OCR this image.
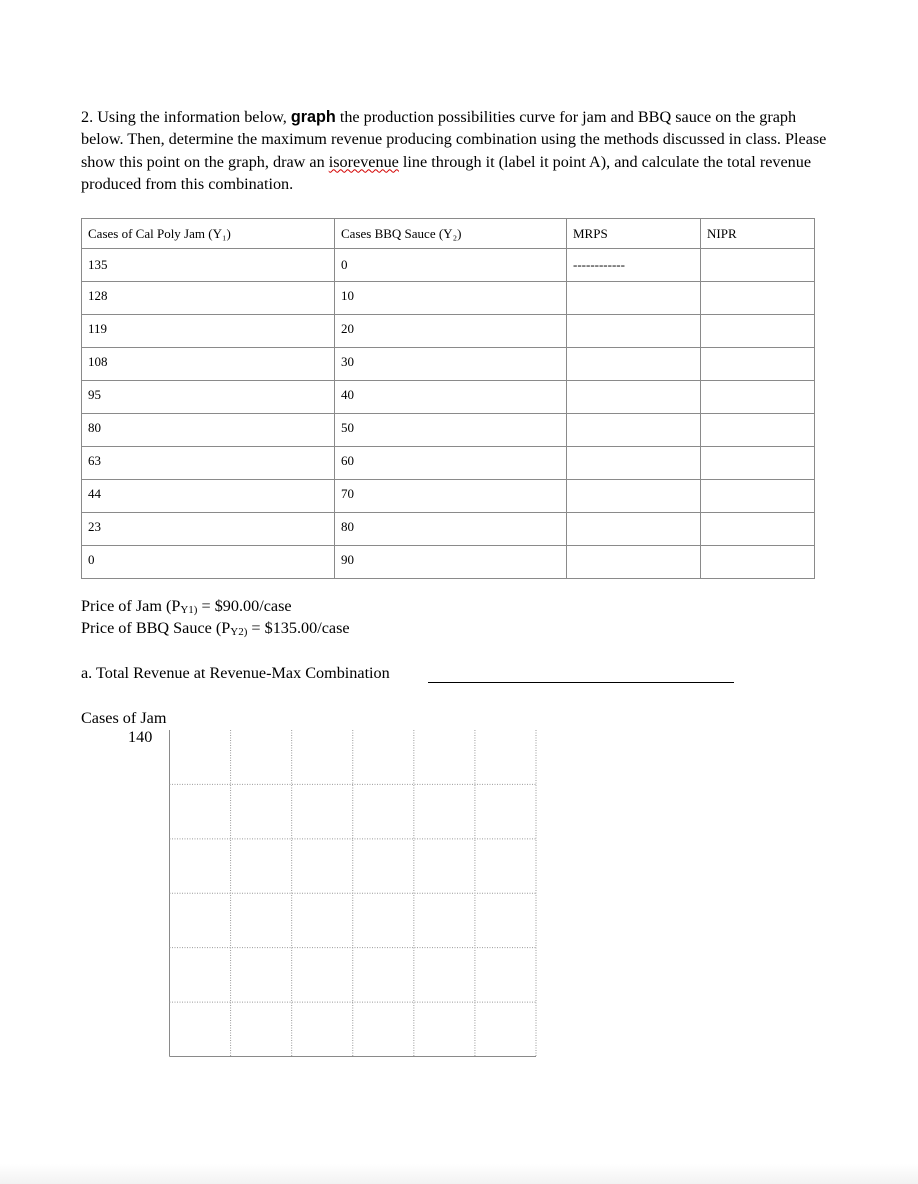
2. Using the information below, graph the production possibilities curve for jam and BBQ sauce on the graph below. Then, determine the maximum revenue producing combination using the methods discussed in class. Please show this point on the graph, draw an isorevenue line through it (label it point A), and calculate the total revenue produced from this combination.
Cases of Cal Poly Jam (Y₁)	Cases BBQ Sauce (Y₂)	MRPS	NIPR
135	0	------------	
128	10		
119	20		
108	30		
95	40		
80	50		
63	60		
44	70		
23	80		
0	90		
Price of Jam ($P_{Y1)}$ = $90.00/case
Price of BBQ Sauce ($P_{Y2)}$ = $135.00/case
a. Total Revenue at Revenue-Max Combination
Cases of Jam
140
